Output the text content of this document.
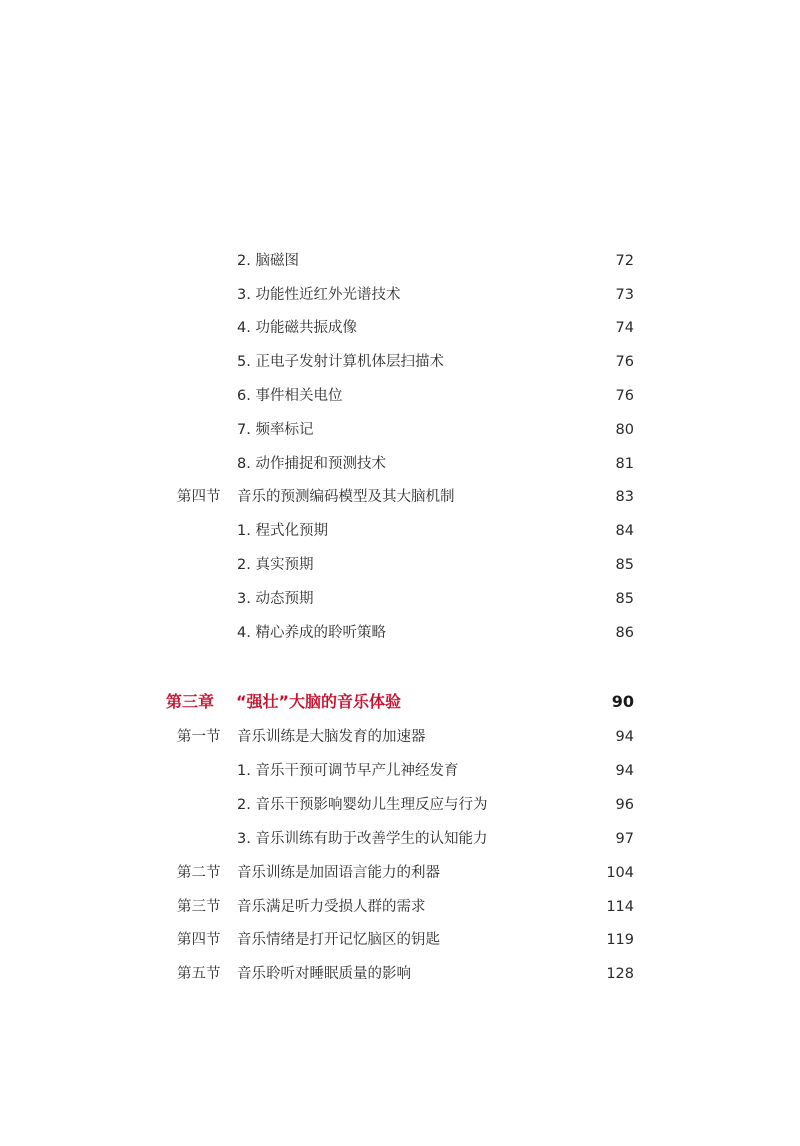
2. 脑磁图	72
3. 功能性近红外光谱技术	73
4. 功能磁共振成像	74
5. 正电子发射计算机体层扫描术	76
6. 事件相关电位	76
7. 频率标记	80
8. 动作捕捉和预测技术	81
第四节 音乐的预测编码模型及其大脑机制	83
1. 程式化预期	84
2. 真实预期	85
3. 动态预期	85
4. 精心养成的聆听策略	86
第三章 “强壮”大脑的音乐体验	90
第一节 音乐训练是大脑发育的加速器	94
1. 音乐干预可调节早产儿神经发育	94
2. 音乐干预影响婴幼儿生理反应与行为	96
3. 音乐训练有助于改善学生的认知能力	97
第二节 音乐训练是加固语言能力的利器	104
第三节 音乐满足听力受损人群的需求	114
第四节 音乐情绪是打开记忆脑区的钥匙	119
第五节 音乐聆听对睡眠质量的影响	128
